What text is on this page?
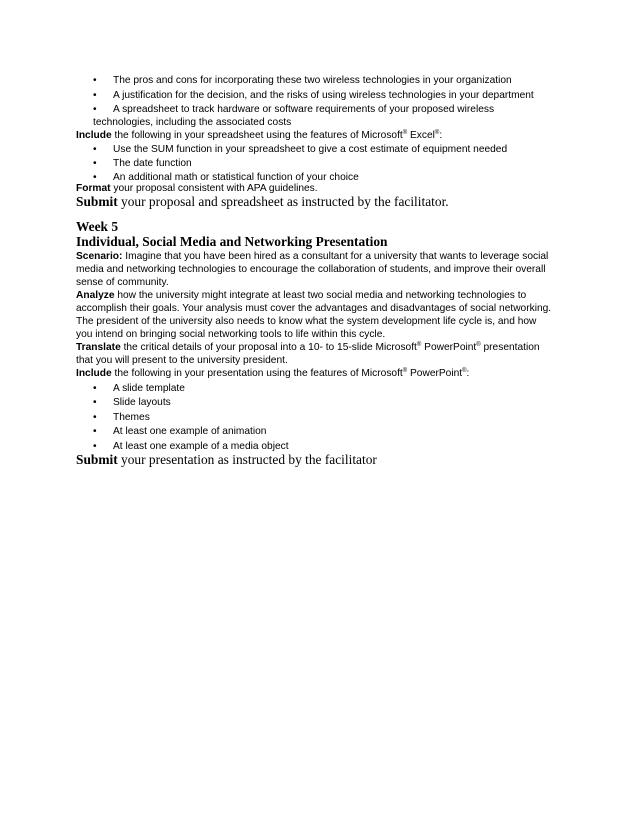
• The pros and cons for incorporating these two wireless technologies in your organization
• A justification for the decision, and the risks of using wireless technologies in your department
• A spreadsheet to track hardware or software requirements of your proposed wireless
technologies, including the associated costs
Include the following in your spreadsheet using the features of Microsoft® Excel®:
• Use the SUM function in your spreadsheet to give a cost estimate of equipment needed
• The date function
• An additional math or statistical function of your choice
Format your proposal consistent with APA guidelines.
Submit your proposal and spreadsheet as instructed by the facilitator.
Week 5
Individual, Social Media and Networking Presentation
Scenario: Imagine that you have been hired as a consultant for a university that wants to leverage social
media and networking technologies to encourage the collaboration of students, and improve their overall
sense of community.
Analyze how the university might integrate at least two social media and networking technologies to
accomplish their goals. Your analysis must cover the advantages and disadvantages of social networking.
The president of the university also needs to know what the system development life cycle is, and how
you intend on bringing social networking tools to life within this cycle.
Translate the critical details of your proposal into a 10- to 15-slide Microsoft® PowerPoint® presentation
that you will present to the university president.
Include the following in your presentation using the features of Microsoft® PowerPoint®:
• A slide template
• Slide layouts
• Themes
• At least one example of animation
• At least one example of a media object
Submit your presentation as instructed by the facilitator
